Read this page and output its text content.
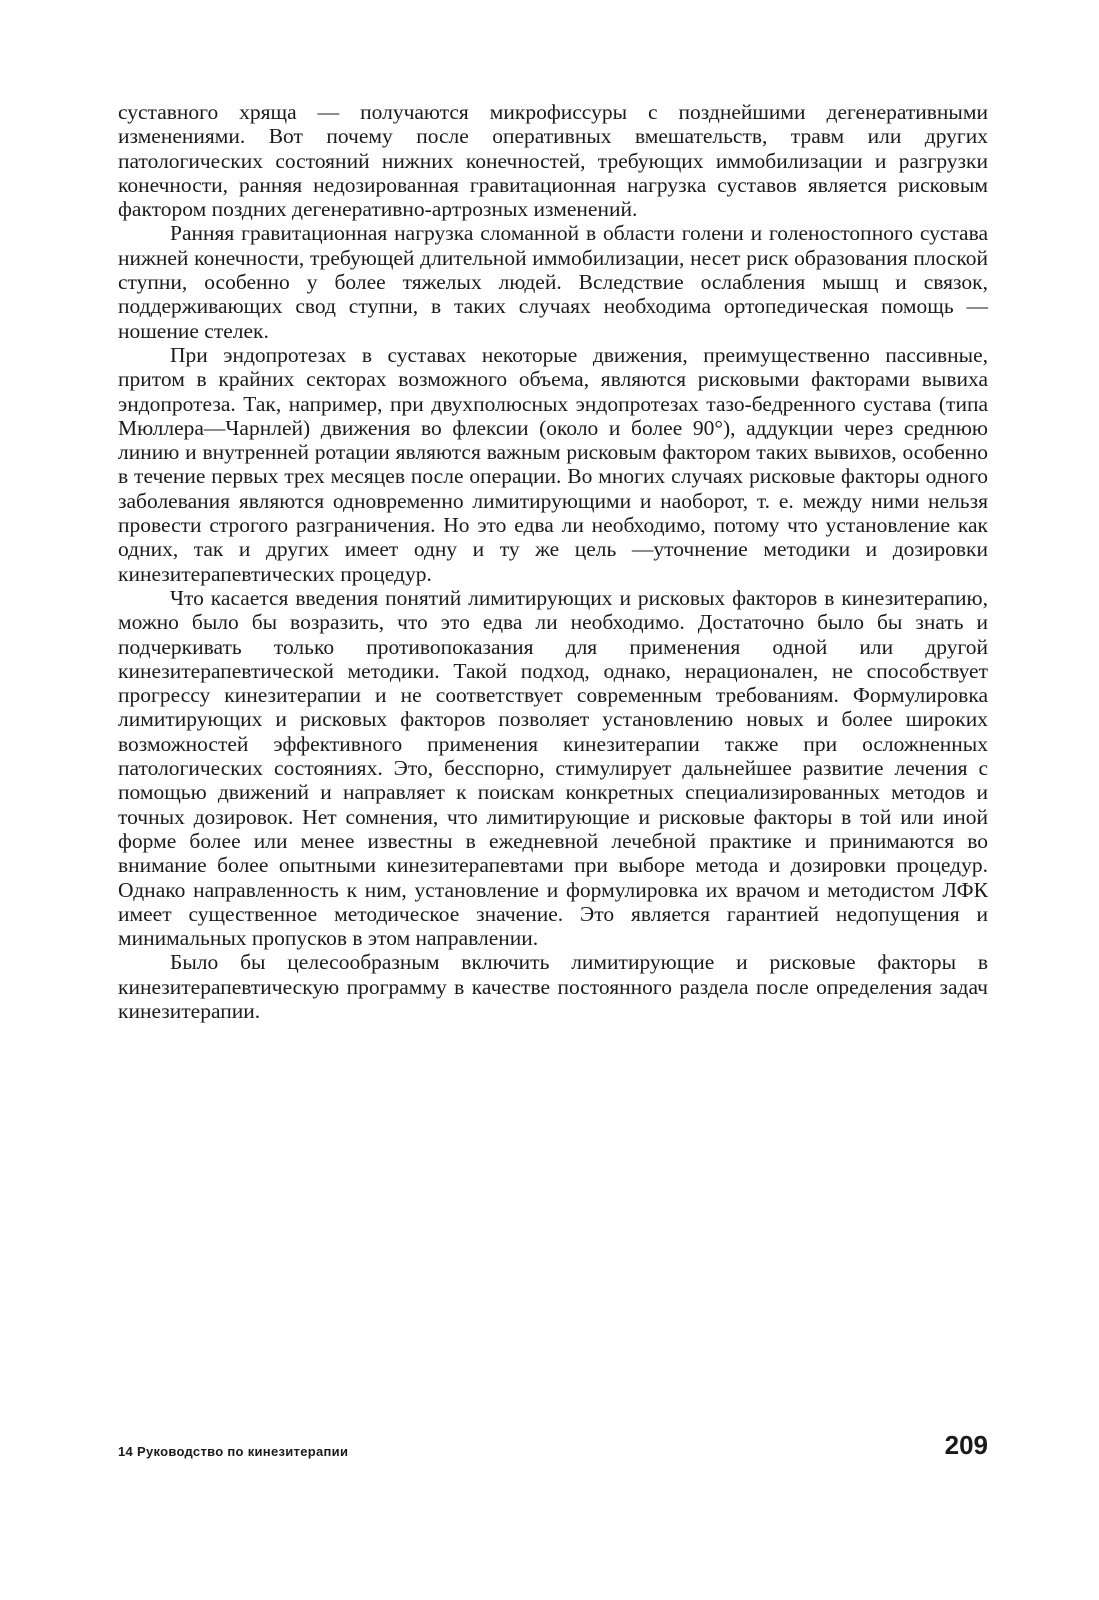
суставного хряща — получаются микрофиссуры с позднейшими дегенеративными изменениями. Вот почему после оперативных вмешательств, травм или других патологических состояний нижних конечностей, требующих иммобилизации и разгрузки конечности, ранняя недозированная гравитационная нагрузка суставов является рисковым фактором поздних дегенеративно-артрозных изменений.

Ранняя гравитационная нагрузка сломанной в области голени и голеностопного сустава нижней конечности, требующей длительной иммобилизации, несет риск образования плоской ступни, особенно у более тяжелых людей. Вследствие ослабления мышц и связок, поддерживающих свод ступни, в таких случаях необходима ортопедическая помощь — ношение стелек.

При эндопротезах в суставах некоторые движения, преимущественно пассивные, притом в крайних секторах возможного объема, являются рисковыми факторами вывиха эндопротеза. Так, например, при двухполюсных эндопротезах тазо-бедренного сустава (типа Мюллера—Чарнлей) движения во флексии (около и более 90°), аддукции через среднюю линию и внутренней ротации являются важным рисковым фактором таких вывихов, особенно в течение первых трех месяцев после операции. Во многих случаях рисковые факторы одного заболевания являются одновременно лимитирующими и наоборот, т. е. между ними нельзя провести строгого разграничения. Но это едва ли необходимо, потому что установление как одних, так и других имеет одну и ту же цель —уточнение методики и дозировки кинезитерапевтических процедур.

Что касается введения понятий лимитирующих и рисковых факторов в кинезитерапию, можно было бы возразить, что это едва ли необходимо. Достаточно было бы знать и подчеркивать только противопоказания для применения одной или другой кинезитерапевтической методики. Такой подход, однако, нерационален, не способствует прогрессу кинезитерапии и не соответствует современным требованиям. Формулировка лимитирующих и рисковых факторов позволяет установлению новых и более широких возможностей эффективного применения кинезитерапии также при осложненных патологических состояниях. Это, бесспорно, стимулирует дальнейшее развитие лечения с помощью движений и направляет к поискам конкретных специализированных методов и точных дозировок. Нет сомнения, что лимитирующие и рисковые факторы в той или иной форме более или менее известны в ежедневной лечебной практике и принимаются во внимание более опытными кинезитерапевтами при выборе метода и дозировки процедур. Однако направленность к ним, установление и формулировка их врачом и методистом ЛФК имеет существенное методическое значение. Это является гарантией недопущения и минимальных пропусков в этом направлении.

Было бы целесообразным включить лимитирующие и рисковые факторы в кинезитерапевтическую программу в качестве постоянного раздела после определения задач кинезитерапии.

14 Руководство по кинезитерапии	209
